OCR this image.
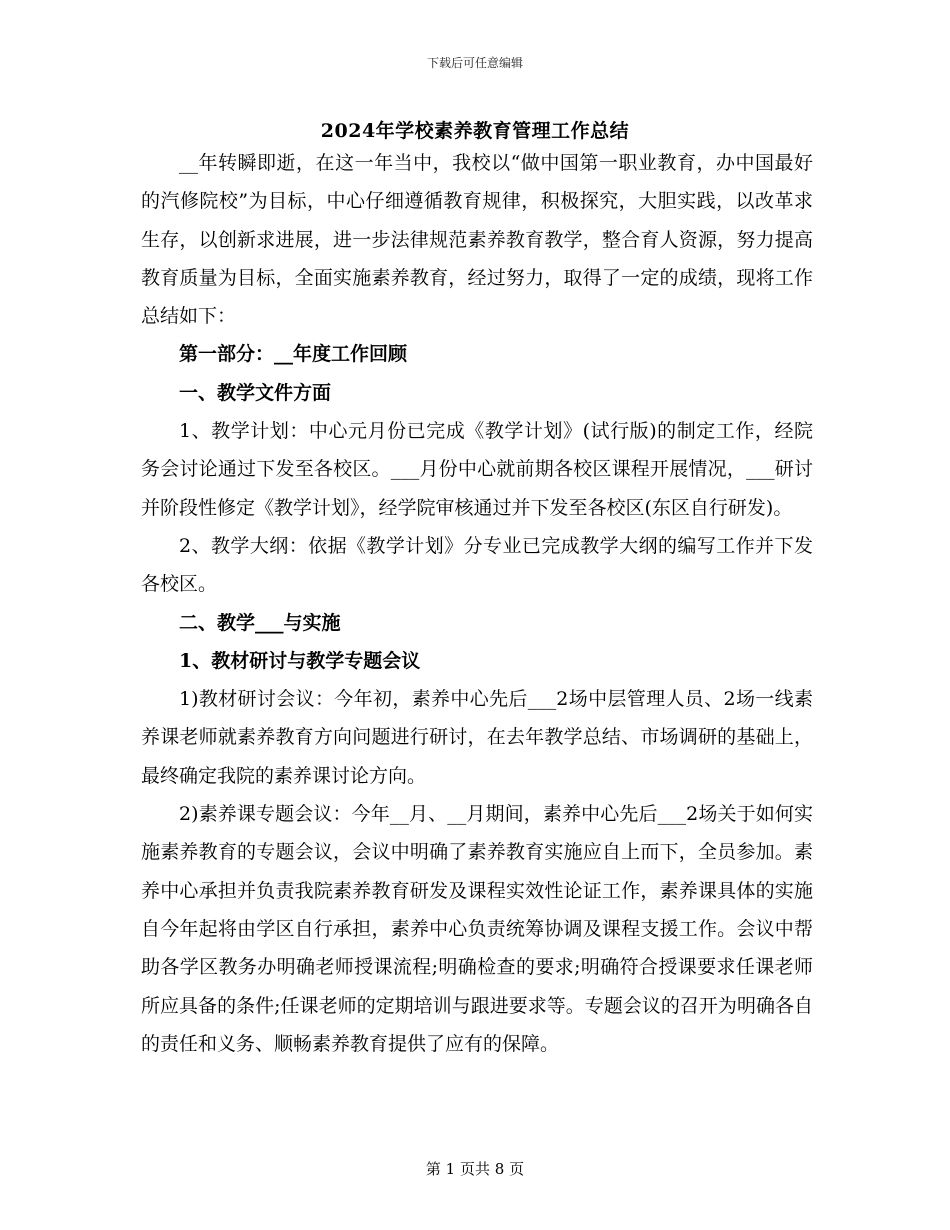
下载后可任意编辑
2024年学校素养教育管理工作总结

__年转瞬即逝，在这一年当中，我校以“做中国第一职业教育，办中国最好的汽修院校”为目标，中心仔细遵循教育规律，积极探究，大胆实践，以改革求生存，以创新求进展，进一步法律规范素养教育教学，整合育人资源，努力提高教育质量为目标，全面实施素养教育，经过努力，取得了一定的成绩，现将工作总结如下：

第一部分：__年度工作回顾

一、教学文件方面

1、教学计划：中心元月份已完成《教学计划》(试行版)的制定工作，经院务会讨论通过下发至各校区。___月份中心就前期各校区课程开展情况，___研讨并阶段性修定《教学计划》，经学院审核通过并下发至各校区(东区自行研发)。

2、教学大纲：依据《教学计划》分专业已完成教学大纲的编写工作并下发各校区。

二、教学___与实施

1、教材研讨与教学专题会议

1)教材研讨会议：今年初，素养中心先后___2场中层管理人员、2场一线素养课老师就素养教育方向问题进行研讨，在去年教学总结、市场调研的基础上，最终确定我院的素养课讨论方向。

2)素养课专题会议：今年__月、__月期间，素养中心先后___2场关于如何实施素养教育的专题会议，会议中明确了素养教育实施应自上而下，全员参加。素养中心承担并负责我院素养教育研发及课程实效性论证工作，素养课具体的实施自今年起将由学区自行承担，素养中心负责统筹协调及课程支援工作。会议中帮助各学区教务办明确老师授课流程;明确检查的要求;明确符合授课要求任课老师所应具备的条件;任课老师的定期培训与跟进要求等。专题会议的召开为明确各自的责任和义务、顺畅素养教育提供了应有的保障。

第 1 页共 8 页
